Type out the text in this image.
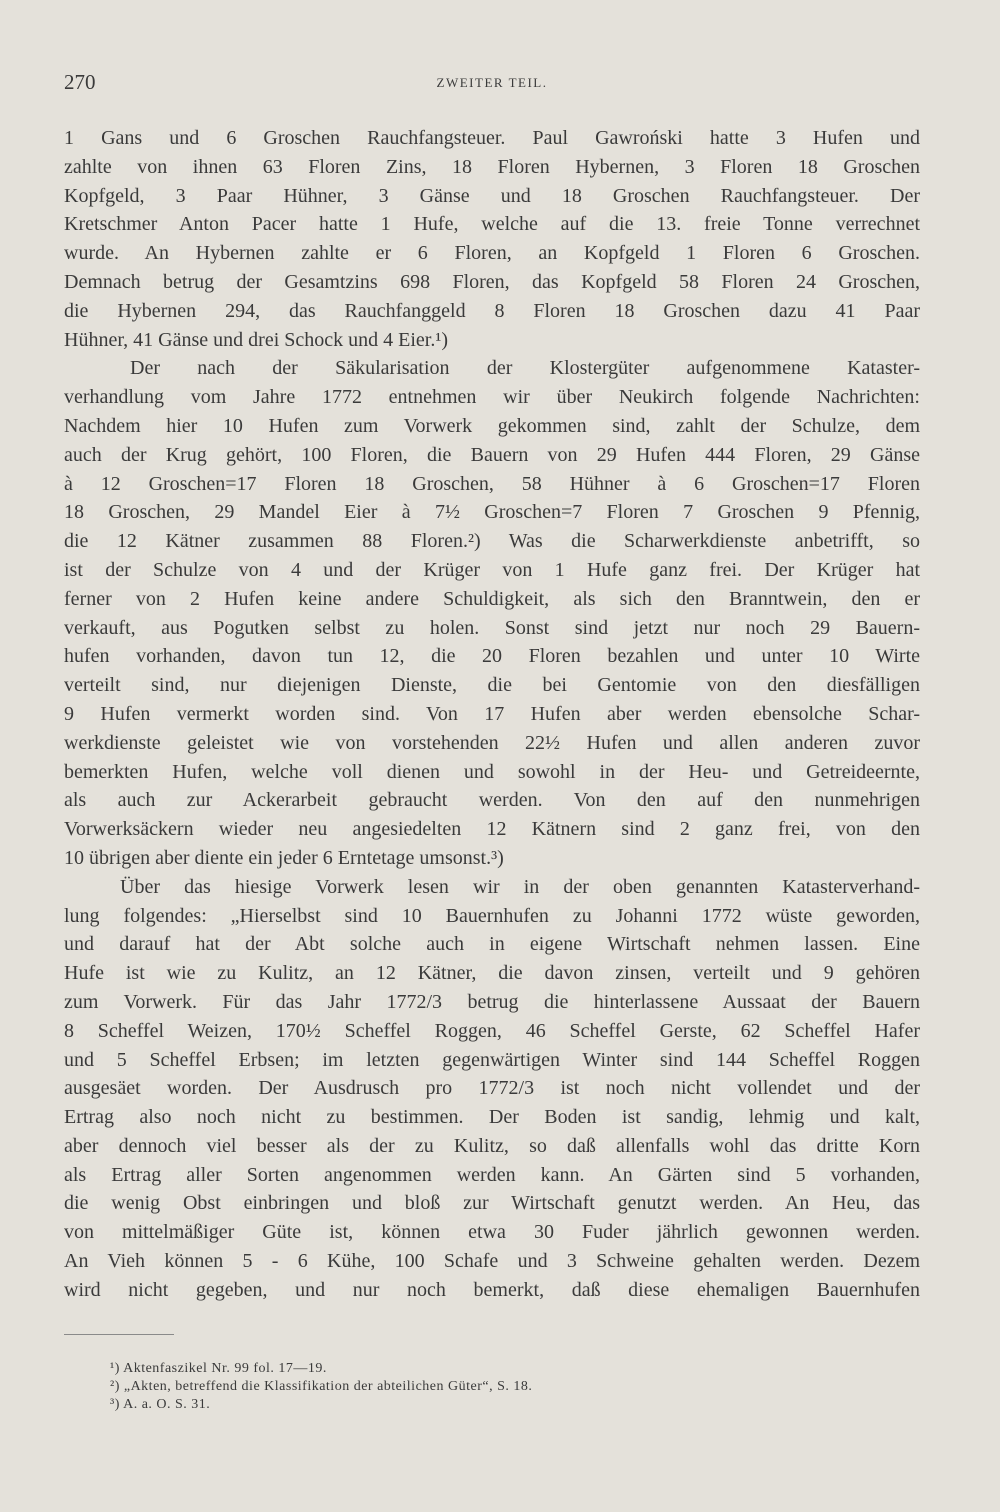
270	ZWEITER TEIL.
1 Gans und 6 Groschen Rauchfangsteuer. Paul Gawroński hatte 3 Hufen und
zahlte von ihnen 63 Floren Zins, 18 Floren Hybernen, 3 Floren 18 Groschen
Kopfgeld, 3 Paar Hühner, 3 Gänse und 18 Groschen Rauchfangsteuer. Der
Kretschmer Anton Pacer hatte 1 Hufe, welche auf die 13. freie Tonne verrechnet
wurde. An Hybernen zahlte er 6 Floren, an Kopfgeld 1 Floren 6 Groschen.
Demnach betrug der Gesamtzins 698 Floren, das Kopfgeld 58 Floren 24 Groschen,
die Hybernen 294, das Rauchfanggeld 8 Floren 18 Groschen dazu 41 Paar
Hühner, 41 Gänse und drei Schock und 4 Eier.¹)
Der nach der Säkularisation der Klostergüter aufgenommene Kataster-
verhandlung vom Jahre 1772 entnehmen wir über Neukirch folgende Nachrichten:
Nachdem hier 10 Hufen zum Vorwerk gekommen sind, zahlt der Schulze, dem
auch der Krug gehört, 100 Floren, die Bauern von 29 Hufen 444 Floren, 29 Gänse
à 12 Groschen=17 Floren 18 Groschen, 58 Hühner à 6 Groschen=17 Floren
18 Groschen, 29 Mandel Eier à 7½ Groschen=7 Floren 7 Groschen 9 Pfennig,
die 12 Kätner zusammen 88 Floren.²) Was die Scharwerkdienste anbetrifft, so
ist der Schulze von 4 und der Krüger von 1 Hufe ganz frei. Der Krüger hat
ferner von 2 Hufen keine andere Schuldigkeit, als sich den Branntwein, den er
verkauft, aus Pogutken selbst zu holen. Sonst sind jetzt nur noch 29 Bauern-
hufen vorhanden, davon tun 12, die 20 Floren bezahlen und unter 10 Wirte
verteilt sind, nur diejenigen Dienste, die bei Gentomie von den diesfälligen
9 Hufen vermerkt worden sind. Von 17 Hufen aber werden ebensolche Schar-
werkdienste geleistet wie von vorstehenden 22½ Hufen und allen anderen zuvor
bemerkten Hufen, welche voll dienen und sowohl in der Heu- und Getreideernte,
als auch zur Ackerarbeit gebraucht werden. Von den auf den nunmehrigen
Vorwerksäckern wieder neu angesiedelten 12 Kätnern sind 2 ganz frei, von den
10 übrigen aber diente ein jeder 6 Erntetage umsonst.³)
Über das hiesige Vorwerk lesen wir in der oben genannten Katasterverhand-
lung folgendes: „Hierselbst sind 10 Bauernhufen zu Johanni 1772 wüste geworden,
und darauf hat der Abt solche auch in eigene Wirtschaft nehmen lassen. Eine
Hufe ist wie zu Kulitz, an 12 Kätner, die davon zinsen, verteilt und 9 gehören
zum Vorwerk. Für das Jahr 1772/3 betrug die hinterlassene Aussaat der Bauern
8 Scheffel Weizen, 170½ Scheffel Roggen, 46 Scheffel Gerste, 62 Scheffel Hafer
und 5 Scheffel Erbsen; im letzten gegenwärtigen Winter sind 144 Scheffel Roggen
ausgesäet worden. Der Ausdrusch pro 1772/3 ist noch nicht vollendet und der
Ertrag also noch nicht zu bestimmen. Der Boden ist sandig, lehmig und kalt,
aber dennoch viel besser als der zu Kulitz, so daß allenfalls wohl das dritte Korn
als Ertrag aller Sorten angenommen werden kann. An Gärten sind 5 vorhanden,
die wenig Obst einbringen und bloß zur Wirtschaft genutzt werden. An Heu, das
von mittelmäßiger Güte ist, können etwa 30 Fuder jährlich gewonnen werden.
An Vieh können 5 - 6 Kühe, 100 Schafe und 3 Schweine gehalten werden. Dezem
wird nicht gegeben, und nur noch bemerkt, daß diese ehemaligen Bauernhufen
¹) Aktenfaszikel Nr. 99 fol. 17—19.
²) „Akten, betreffend die Klassifikation der abteilichen Güter“, S. 18.
³) A. a. O. S. 31.
